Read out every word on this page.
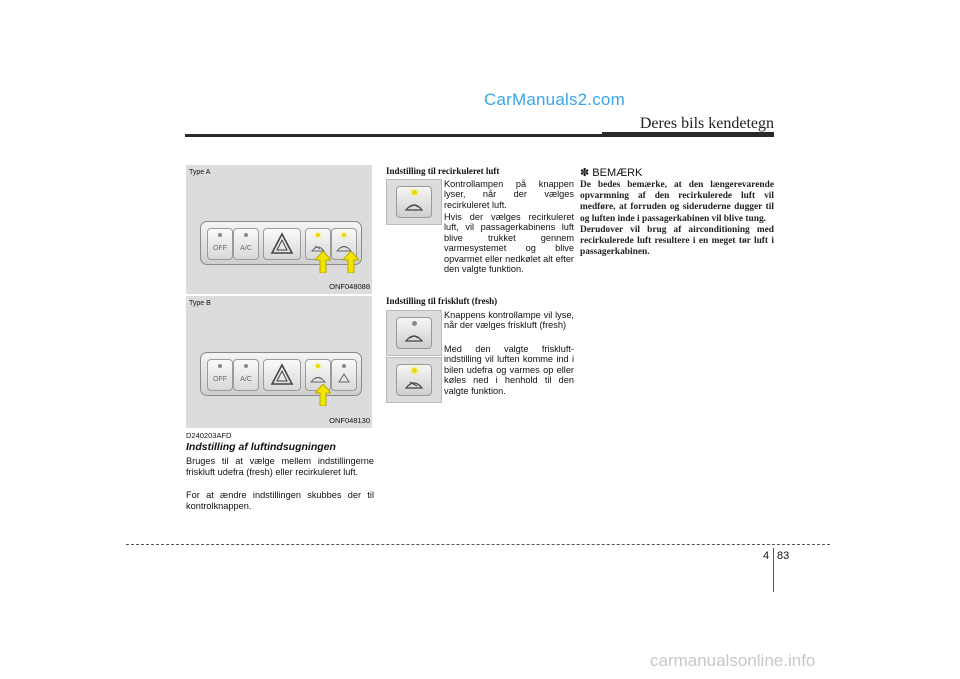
CarManuals2.com
Deres bils kendetegn
Type A
OFF	A/C
ONF048088
Type B
OFF	A/C
ONF048130
D240203AFD
Indstilling af luftindsugningen
Bruges til at vælge mellem indstillingerne friskluft udefra (fresh) eller recirkuleret luft.
For at ændre indstillingen skubbes der til kontrolknappen.
Indstilling til recirkuleret luft
Kontrollampen på knappen lyser, når der vælges recirkuleret luft.
Hvis der vælges recirkuleret luft, vil passagerkabinens luft blive trukket gennem varmesystemet og blive opvarmet eller nedkølet alt efter den valgte funktion.
Indstilling til friskluft (fresh)
Knappens kontrollampe vil lyse, når der vælges friskluft (fresh)
Med den valgte friskluft-indstilling vil luften komme ind i bilen udefra og varmes op eller køles ned i henhold til den valgte funktion.
✽ BEMÆRK
De bedes bemærke, at den længerevarende opvarmning af den recirkulerede luft vil medføre, at forruden og sideruderne dugger til og luften inde i passagerkabinen vil blive tung.
Derudover vil brug af airconditioning med recirkulerede luft resultere i en meget tør luft i passagerkabinen.
4 83
carmanualsonline.info
